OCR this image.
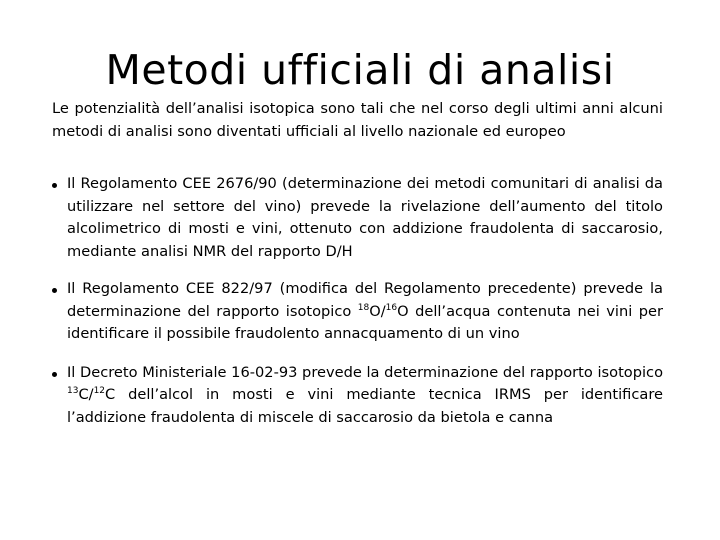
Metodi ufficiali di analisi

Le potenzialità dell’analisi isotopica sono tali che nel corso degli ultimi anni alcuni metodi di analisi sono diventati ufficiali al livello nazionale ed europeo

Il Regolamento CEE 2676/90 (determinazione dei metodi comunitari di analisi da utilizzare nel settore del vino) prevede la rivelazione dell’aumento del titolo alcolimetrico di mosti e vini, ottenuto con addizione fraudolenta di saccarosio, mediante analisi NMR del rapporto D/H
Il Regolamento CEE 822/97 (modifica del Regolamento precedente) prevede la determinazione del rapporto isotopico $^{18}$O/$^{16}$O dell’acqua contenuta nei vini per identificare il possibile fraudolento annacquamento di un vino
Il Decreto Ministeriale 16-02-93 prevede la determinazione del rapporto isotopico $^{13}$C/$^{12}$C dell’alcol in mosti e vini mediante tecnica IRMS per identificare l’addizione fraudolenta di miscele di saccarosio da bietola e canna
